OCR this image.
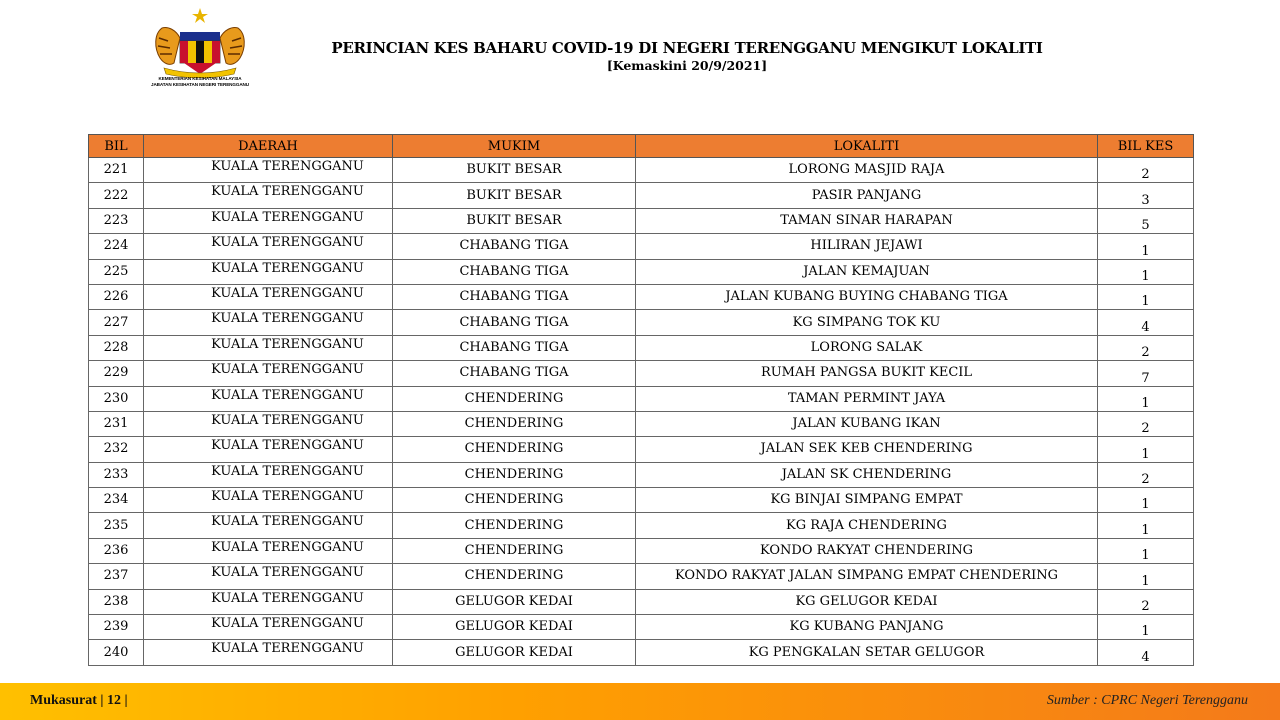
KEMENTERIAN KESIHATAN MALAYSIA
JABATAN KESIHATAN NEGERI TERENGGANU
PERINCIAN KES BAHARU COVID-19 DI NEGERI TERENGGANU MENGIKUT LOKALITI
[Kemaskini 20/9/2021]
BIL	DAERAH	MUKIM	LOKALITI	BIL KES
221	KUALA TERENGGANU	BUKIT BESAR	LORONG MASJID RAJA	2
222	KUALA TERENGGANU	BUKIT BESAR	PASIR PANJANG	3
223	KUALA TERENGGANU	BUKIT BESAR	TAMAN SINAR HARAPAN	5
224	KUALA TERENGGANU	CHABANG TIGA	HILIRAN JEJAWI	1
225	KUALA TERENGGANU	CHABANG TIGA	JALAN KEMAJUAN	1
226	KUALA TERENGGANU	CHABANG TIGA	JALAN KUBANG BUYING CHABANG TIGA	1
227	KUALA TERENGGANU	CHABANG TIGA	KG SIMPANG TOK KU	4
228	KUALA TERENGGANU	CHABANG TIGA	LORONG SALAK	2
229	KUALA TERENGGANU	CHABANG TIGA	RUMAH PANGSA BUKIT KECIL	7
230	KUALA TERENGGANU	CHENDERING	TAMAN PERMINT JAYA	1
231	KUALA TERENGGANU	CHENDERING	JALAN KUBANG IKAN	2
232	KUALA TERENGGANU	CHENDERING	JALAN SEK KEB CHENDERING	1
233	KUALA TERENGGANU	CHENDERING	JALAN SK CHENDERING	2
234	KUALA TERENGGANU	CHENDERING	KG BINJAI SIMPANG EMPAT	1
235	KUALA TERENGGANU	CHENDERING	KG RAJA CHENDERING	1
236	KUALA TERENGGANU	CHENDERING	KONDO RAKYAT CHENDERING	1
237	KUALA TERENGGANU	CHENDERING	KONDO RAKYAT JALAN SIMPANG EMPAT CHENDERING	1
238	KUALA TERENGGANU	GELUGOR KEDAI	KG GELUGOR KEDAI	2
239	KUALA TERENGGANU	GELUGOR KEDAI	KG KUBANG PANJANG	1
240	KUALA TERENGGANU	GELUGOR KEDAI	KG PENGKALAN SETAR GELUGOR	4
Mukasurat | 12 |	Sumber : CPRC Negeri Terengganu
